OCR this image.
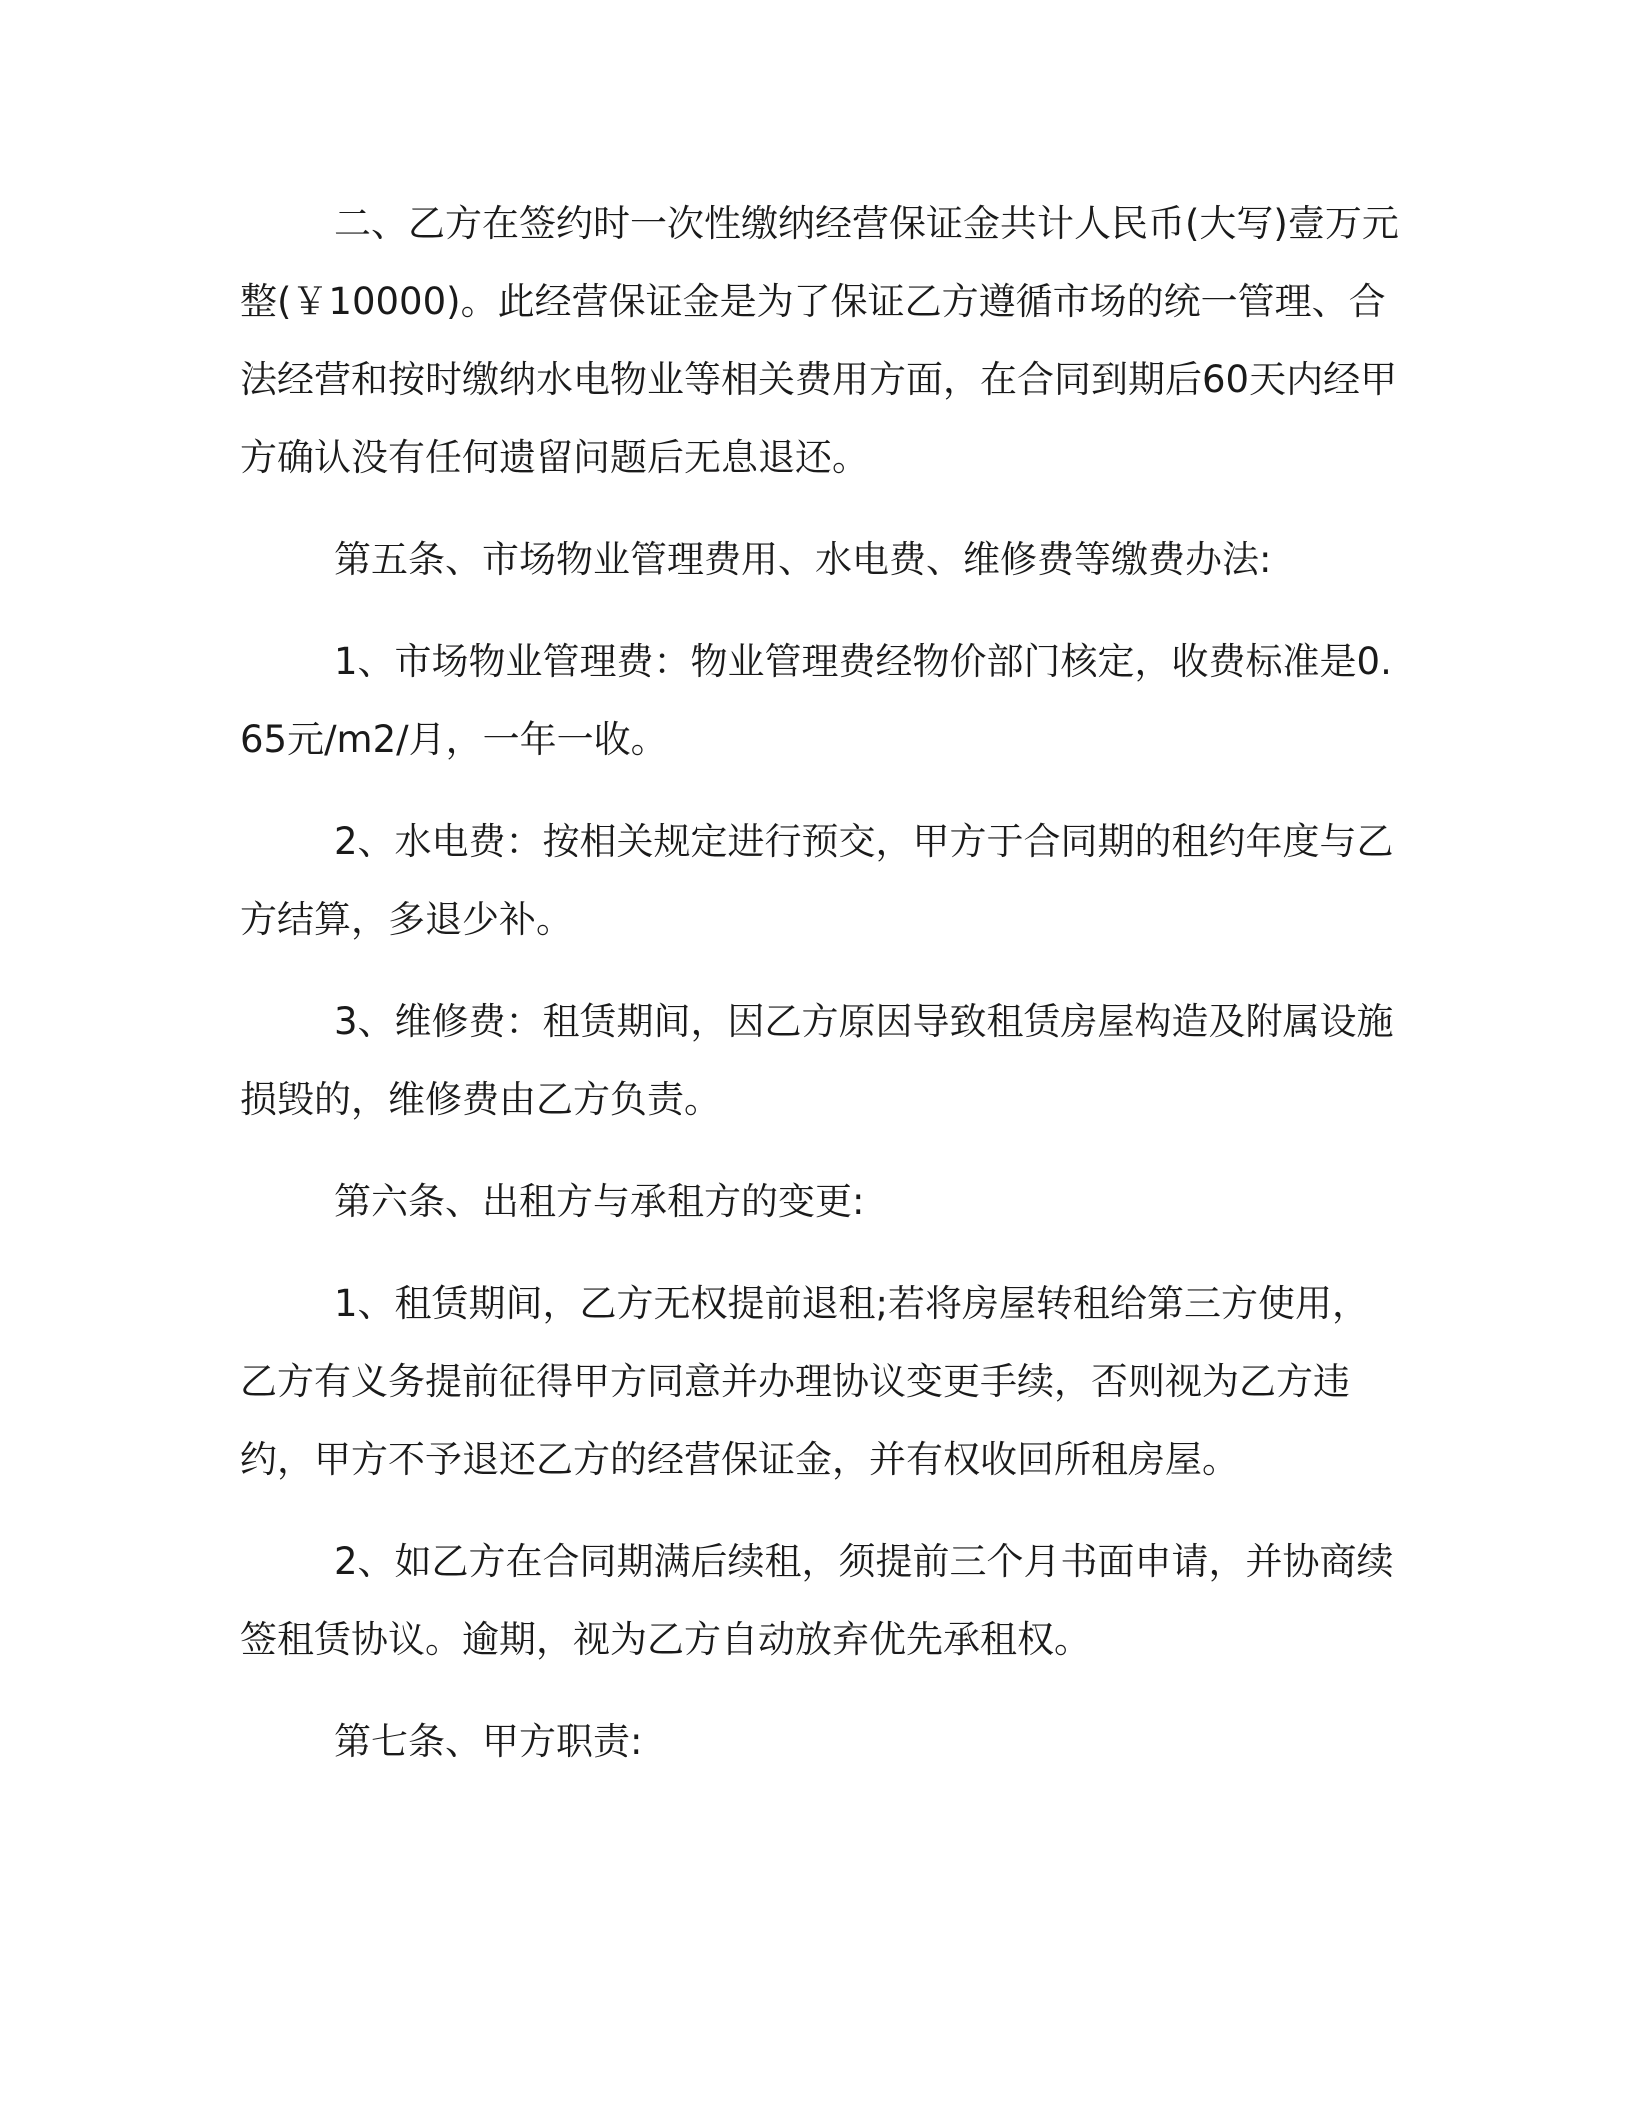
二、乙方在签约时一次性缴纳经营保证金共计人民币(大写)壹万元整(￥10000)。此经营保证金是为了保证乙方遵循市场的统一管理、合法经营和按时缴纳水电物业等相关费用方面，在合同到期后60天内经甲方确认没有任何遗留问题后无息退还。

第五条、市场物业管理费用、水电费、维修费等缴费办法:

1、市场物业管理费：物业管理费经物价部门核定，收费标准是0.65元/m2/月，一年一收。

2、水电费：按相关规定进行预交，甲方于合同期的租约年度与乙方结算，多退少补。

3、维修费：租赁期间，因乙方原因导致租赁房屋构造及附属设施损毁的，维修费由乙方负责。

第六条、出租方与承租方的变更:

1、租赁期间，乙方无权提前退租;若将房屋转租给第三方使用，乙方有义务提前征得甲方同意并办理协议变更手续，否则视为乙方违约，甲方不予退还乙方的经营保证金，并有权收回所租房屋。

2、如乙方在合同期满后续租，须提前三个月书面申请，并协商续签租赁协议。逾期，视为乙方自动放弃优先承租权。

第七条、甲方职责:
